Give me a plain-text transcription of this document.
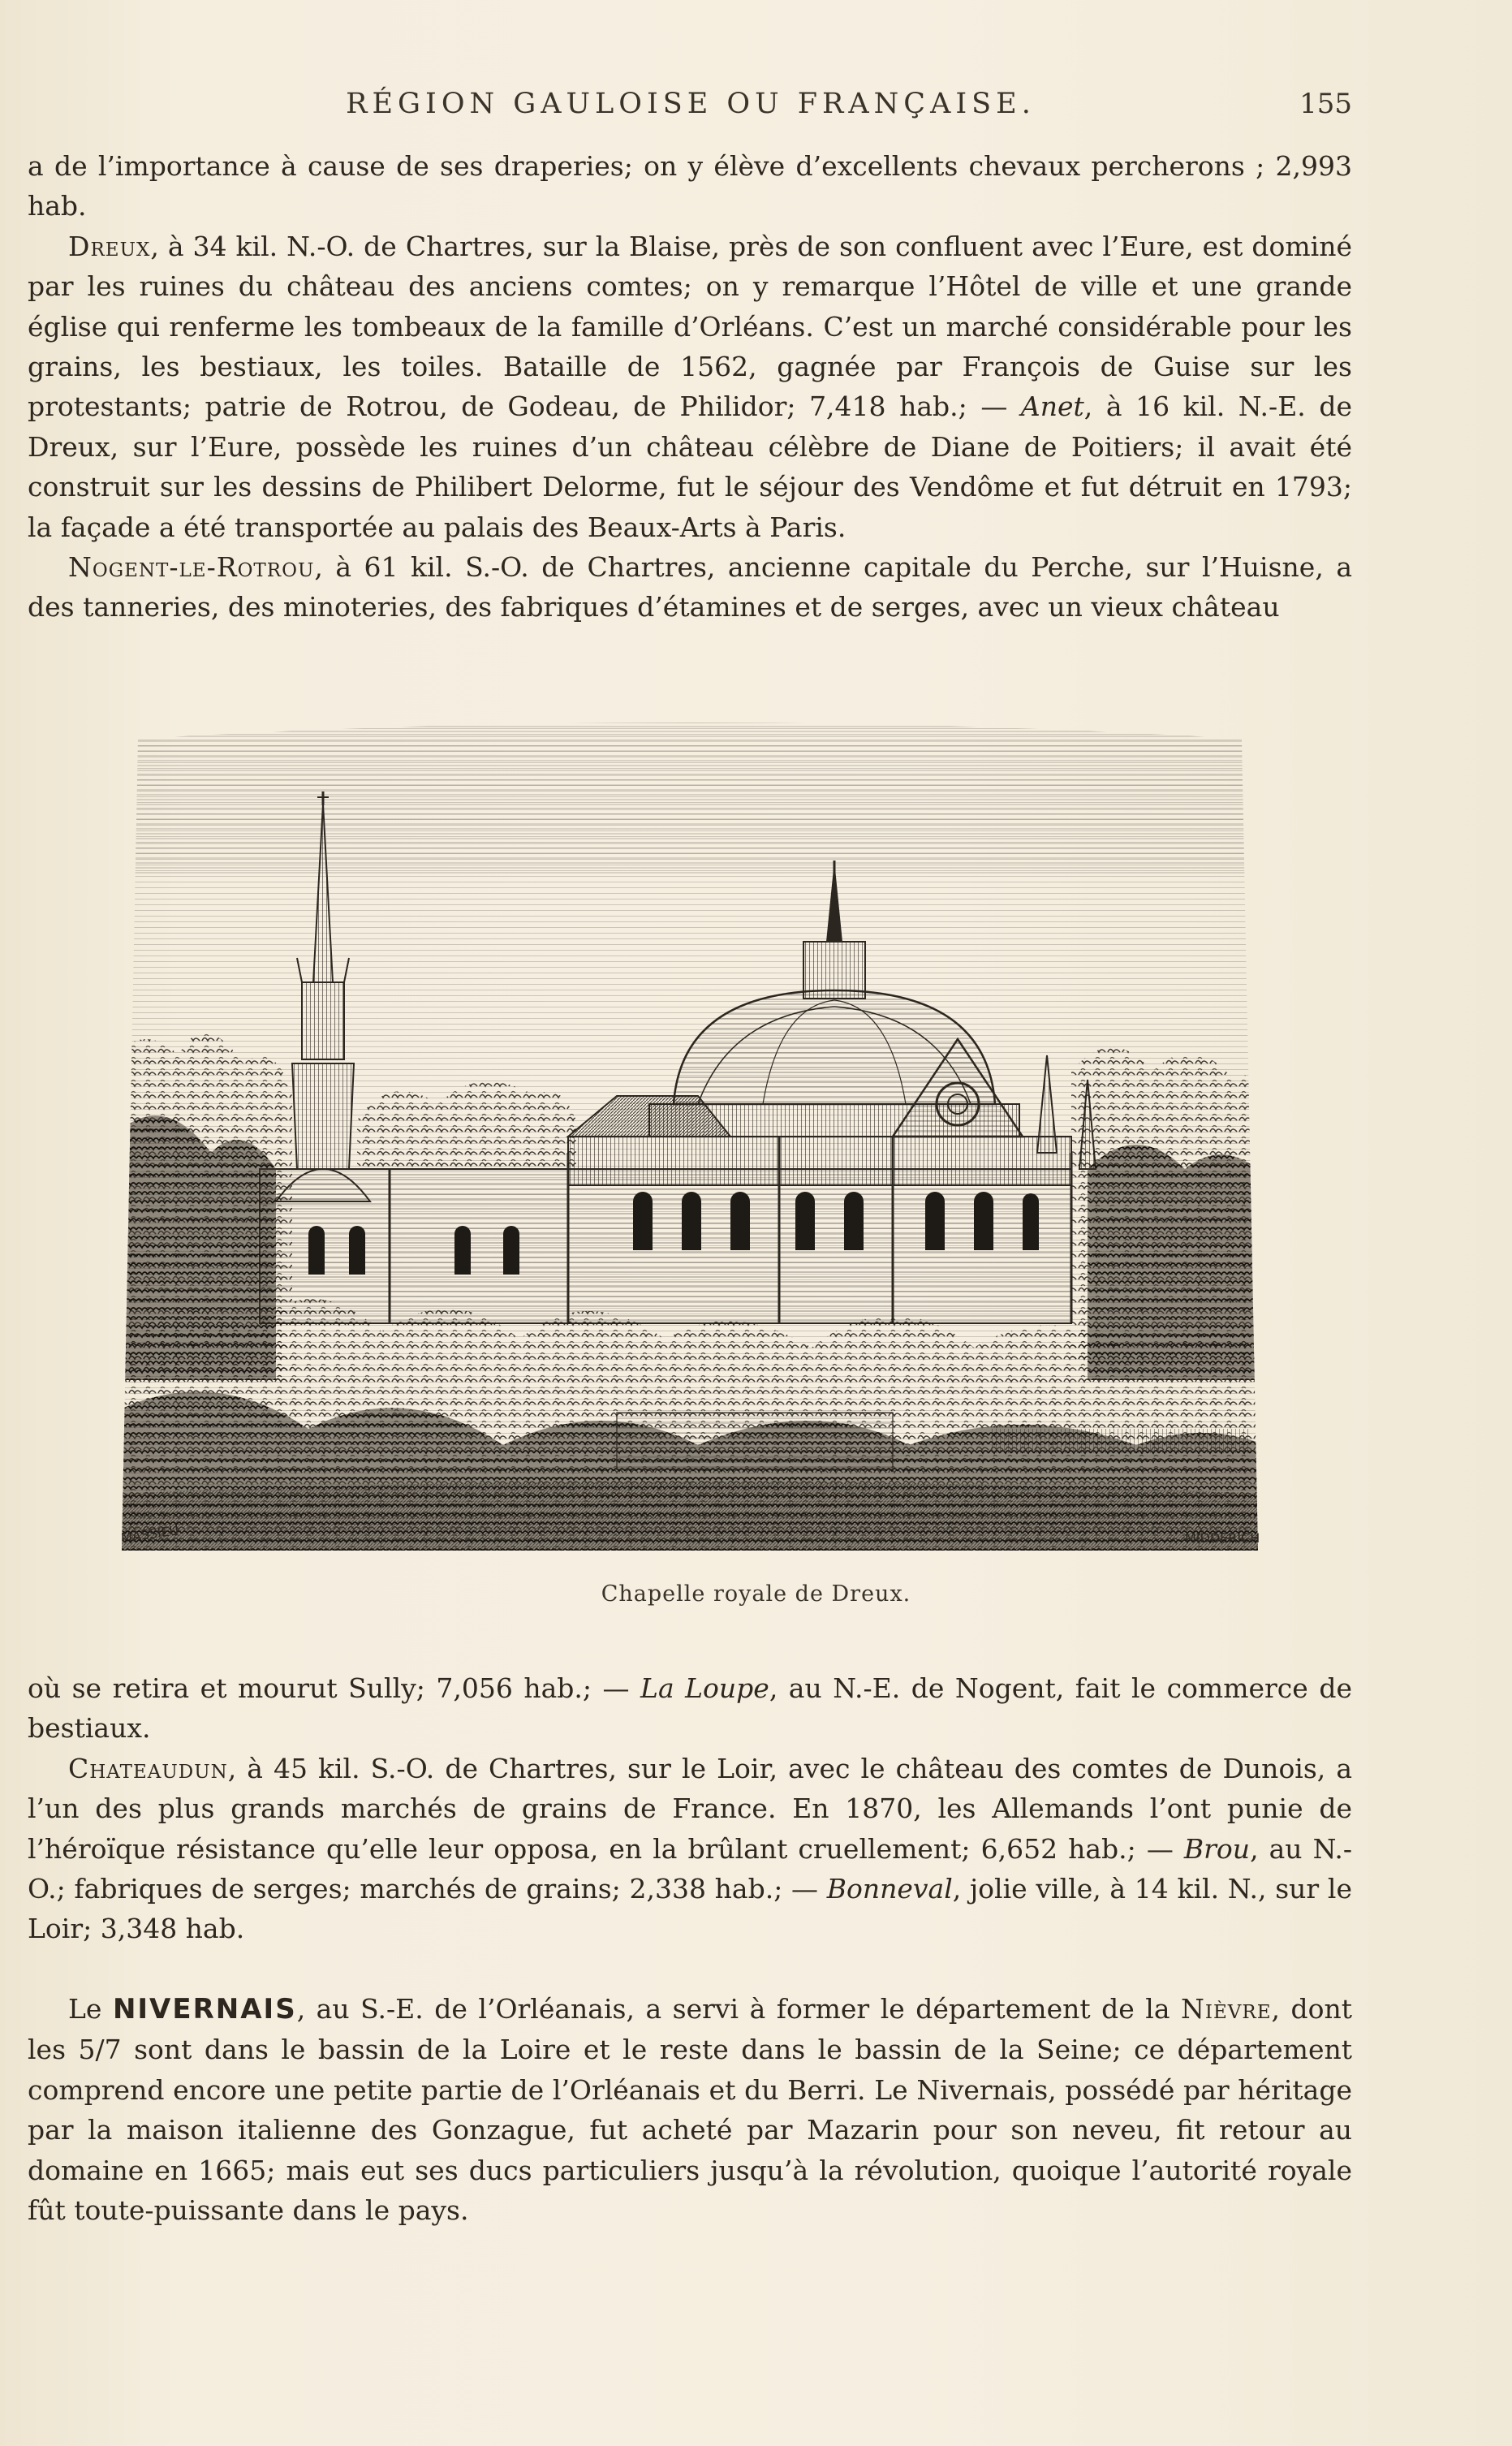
RÉGION GAULOISE OU FRANÇAISE.	155

a de l’importance à cause de ses draperies; on y élève d’excellents chevaux percherons ; 2,993 hab.

Dreux, à 34 kil. N.-O. de Chartres, sur la Blaise, près de son confluent avec l’Eure, est dominé par les ruines du château des anciens comtes; on y remarque l’Hôtel de ville et une grande église qui renferme les tombeaux de la famille d’Orléans. C’est un marché considérable pour les grains, les bestiaux, les toiles. Bataille de 1562, gagnée par François de Guise sur les protestants; patrie de Rotrou, de Godeau, de Philidor; 7,418 hab.; — Anet, à 16 kil. N.-E. de Dreux, sur l’Eure, possède les ruines d’un château célèbre de Diane de Poitiers; il avait été construit sur les dessins de Philibert Delorme, fut le séjour des Vendôme et fut détruit en 1793; la façade a été transportée au palais des Beaux-Arts à Paris.

Nogent-le-Rotrou, à 61 kil. S.-O. de Chartres, ancienne capitale du Perche, sur l’Huisne, a des tanneries, des minoteries, des fabriques d’étamines et de serges, avec un vieux château

MASSIEU	MIDDERICH
Chapelle royale de Dreux.

où se retira et mourut Sully; 7,056 hab.; — La Loupe, au N.-E. de Nogent, fait le commerce de bestiaux.

Chateaudun, à 45 kil. S.-O. de Chartres, sur le Loir, avec le château des comtes de Dunois, a l’un des plus grands marchés de grains de France. En 1870, les Allemands l’ont punie de l’héroïque résistance qu’elle leur opposa, en la brûlant cruellement; 6,652 hab.; — Brou, au N.-O.; fabriques de serges; marchés de grains; 2,338 hab.; — Bonneval, jolie ville, à 14 kil. N., sur le Loir; 3,348 hab.

Le NIVERNAIS, au S.-E. de l’Orléanais, a servi à former le département de la Nièvre, dont les 5/7 sont dans le bassin de la Loire et le reste dans le bassin de la Seine; ce département comprend encore une petite partie de l’Orléanais et du Berri. Le Nivernais, possédé par héritage par la maison italienne des Gonzague, fut acheté par Mazarin pour son neveu, fit retour au domaine en 1665; mais eut ses ducs particuliers jusqu’à la révolution, quoique l’autorité royale fût toute-puissante dans le pays.
